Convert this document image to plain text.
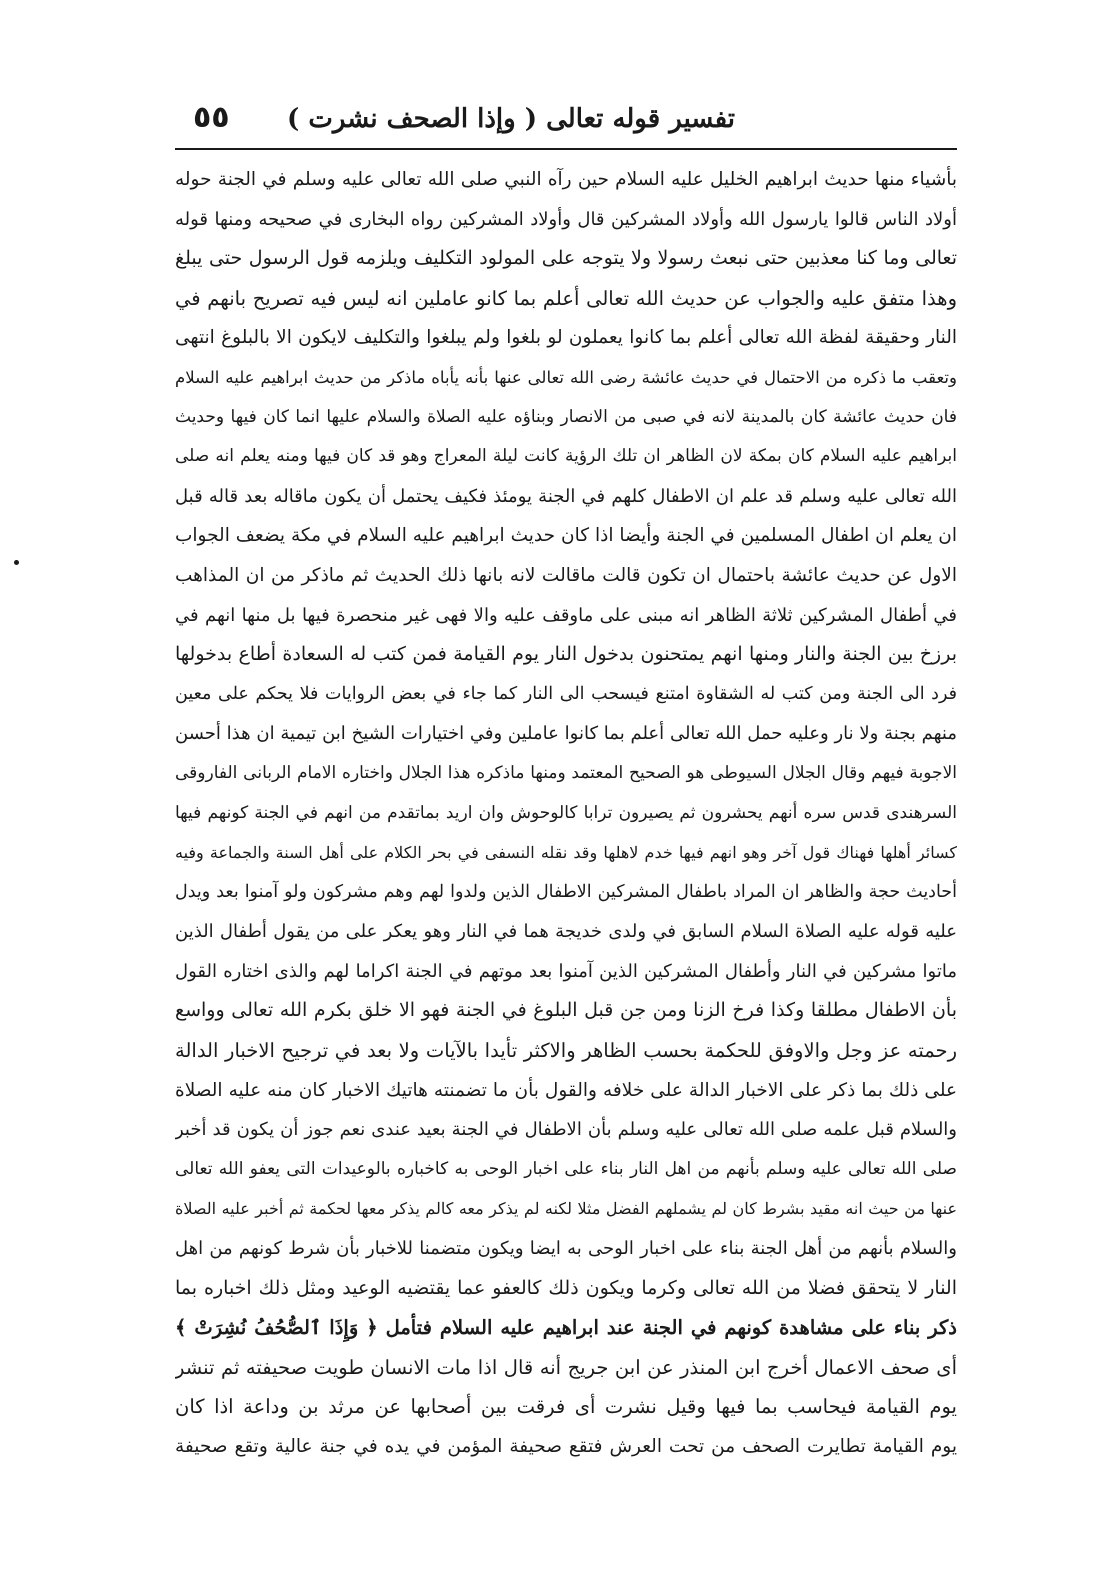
٥٥ تفسير قوله تعالى ( وإذا الصحف نشرت )
بأشياء منها حديث ابراهيم الخليل عليه السلام حين رآه النبي صلى الله تعالى عليه وسلم في الجنة حوله
أولاد الناس قالوا يارسول الله وأولاد المشركين قال وأولاد المشركين رواه البخارى في صحيحه ومنها قوله
تعالى وما كنا معذبين حتى نبعث رسولا ولا يتوجه على المولود التكليف ويلزمه قول الرسول حتى يبلغ
وهذا متفق عليه والجواب عن حديث الله تعالى أعلم بما كانو عاملين انه ليس فيه تصريح بانهم في
النار وحقيقة لفظة الله تعالى أعلم بما كانوا يعملون لو بلغوا ولم يبلغوا والتكليف لايكون الا بالبلوغ انتهى
وتعقب ما ذكره من الاحتمال في حديث عائشة رضى الله تعالى عنها بأنه يأباه ماذكر من حديث ابراهيم عليه السلام
فان حديث عائشة كان بالمدينة لانه في صبى من الانصار وبناؤه عليه الصلاة والسلام عليها انما كان فيها وحديث
ابراهيم عليه السلام كان بمكة لان الظاهر ان تلك الرؤية كانت ليلة المعراج وهو قد كان فيها ومنه يعلم انه صلى
الله تعالى عليه وسلم قد علم ان الاطفال كلهم في الجنة يومئذ فكيف يحتمل أن يكون ماقاله بعد قاله قبل
ان يعلم ان اطفال المسلمين في الجنة وأيضا اذا كان حديث ابراهيم عليه السلام في مكة يضعف الجواب
الاول عن حديث عائشة باحتمال ان تكون قالت ماقالت لانه بانها ذلك الحديث ثم ماذكر من ان المذاهب
في أطفال المشركين ثلاثة الظاهر انه مبنى على ماوقف عليه والا فهى غير منحصرة فيها بل منها انهم في
برزخ بين الجنة والنار ومنها انهم يمتحنون بدخول النار يوم القيامة فمن كتب له السعادة أطاع بدخولها
فرد الى الجنة ومن كتب له الشقاوة امتنع فيسحب الى النار كما جاء في بعض الروايات فلا يحكم على معين
منهم بجنة ولا نار وعليه حمل الله تعالى أعلم بما كانوا عاملين وفي اختيارات الشيخ ابن تيمية ان هذا أحسن
الاجوبة فيهم وقال الجلال السيوطى هو الصحيح المعتمد ومنها ماذكره هذا الجلال واختاره الامام الربانى الفاروقى
السرهندى قدس سره أنهم يحشرون ثم يصيرون ترابا كالوحوش وان اريد بماتقدم من انهم في الجنة كونهم فيها
كسائر أهلها فهناك قول آخر وهو انهم فيها خدم لاهلها وقد نقله النسفى في بحر الكلام على أهل السنة والجماعة وفيه
أحاديث حجة والظاهر ان المراد باطفال المشركين الاطفال الذين ولدوا لهم وهم مشركون ولو آمنوا بعد ويدل
عليه قوله عليه الصلاة السلام السابق في ولدى خديجة هما في النار وهو يعكر على من يقول أطفال الذين
ماتوا مشركين في النار وأطفال المشركين الذين آمنوا بعد موتهم في الجنة اكراما لهم والذى اختاره القول
بأن الاطفال مطلقا وكذا فرخ الزنا ومن جن قبل البلوغ في الجنة فهو الا خلق بكرم الله تعالى وواسع
رحمته عز وجل والاوفق للحكمة بحسب الظاهر والاكثر تأيدا بالآيات ولا بعد في ترجيح الاخبار الدالة
على ذلك بما ذكر على الاخبار الدالة على خلافه والقول بأن ما تضمنته هاتيك الاخبار كان منه عليه الصلاة
والسلام قبل علمه صلى الله تعالى عليه وسلم بأن الاطفال في الجنة بعيد عندى نعم جوز أن يكون قد أخبر
صلى الله تعالى عليه وسلم بأنهم من اهل النار بناء على اخبار الوحى به كاخباره بالوعيدات التى يعفو الله تعالى
عنها من حيث انه مقيد بشرط كان لم يشملهم الفضل مثلا لكنه لم يذكر معه كالم يذكر معها لحكمة ثم أخبر عليه الصلاة
والسلام بأنهم من أهل الجنة بناء على اخبار الوحى به ايضا ويكون متضمنا للاخبار بأن شرط كونهم من اهل
النار لا يتحقق فضلا من الله تعالى وكرما ويكون ذلك كالعفو عما يقتضيه الوعيد ومثل ذلك اخباره بما
ذكر بناء على مشاهدة كونهم في الجنة عند ابراهيم عليه السلام فتأمل ﴿ وَإِذَا ٱلصُّحُفُ نُشِرَتْ ﴾
أى صحف الاعمال أخرج ابن المنذر عن ابن جريج أنه قال اذا مات الانسان طويت صحيفته ثم تنشر
يوم القيامة فيحاسب بما فيها وقيل نشرت أى فرقت بين أصحابها عن مرثد بن وداعة اذا كان
يوم القيامة تطايرت الصحف من تحت العرش فتقع صحيفة المؤمن في يده في جنة عالية وتقع صحيفة
